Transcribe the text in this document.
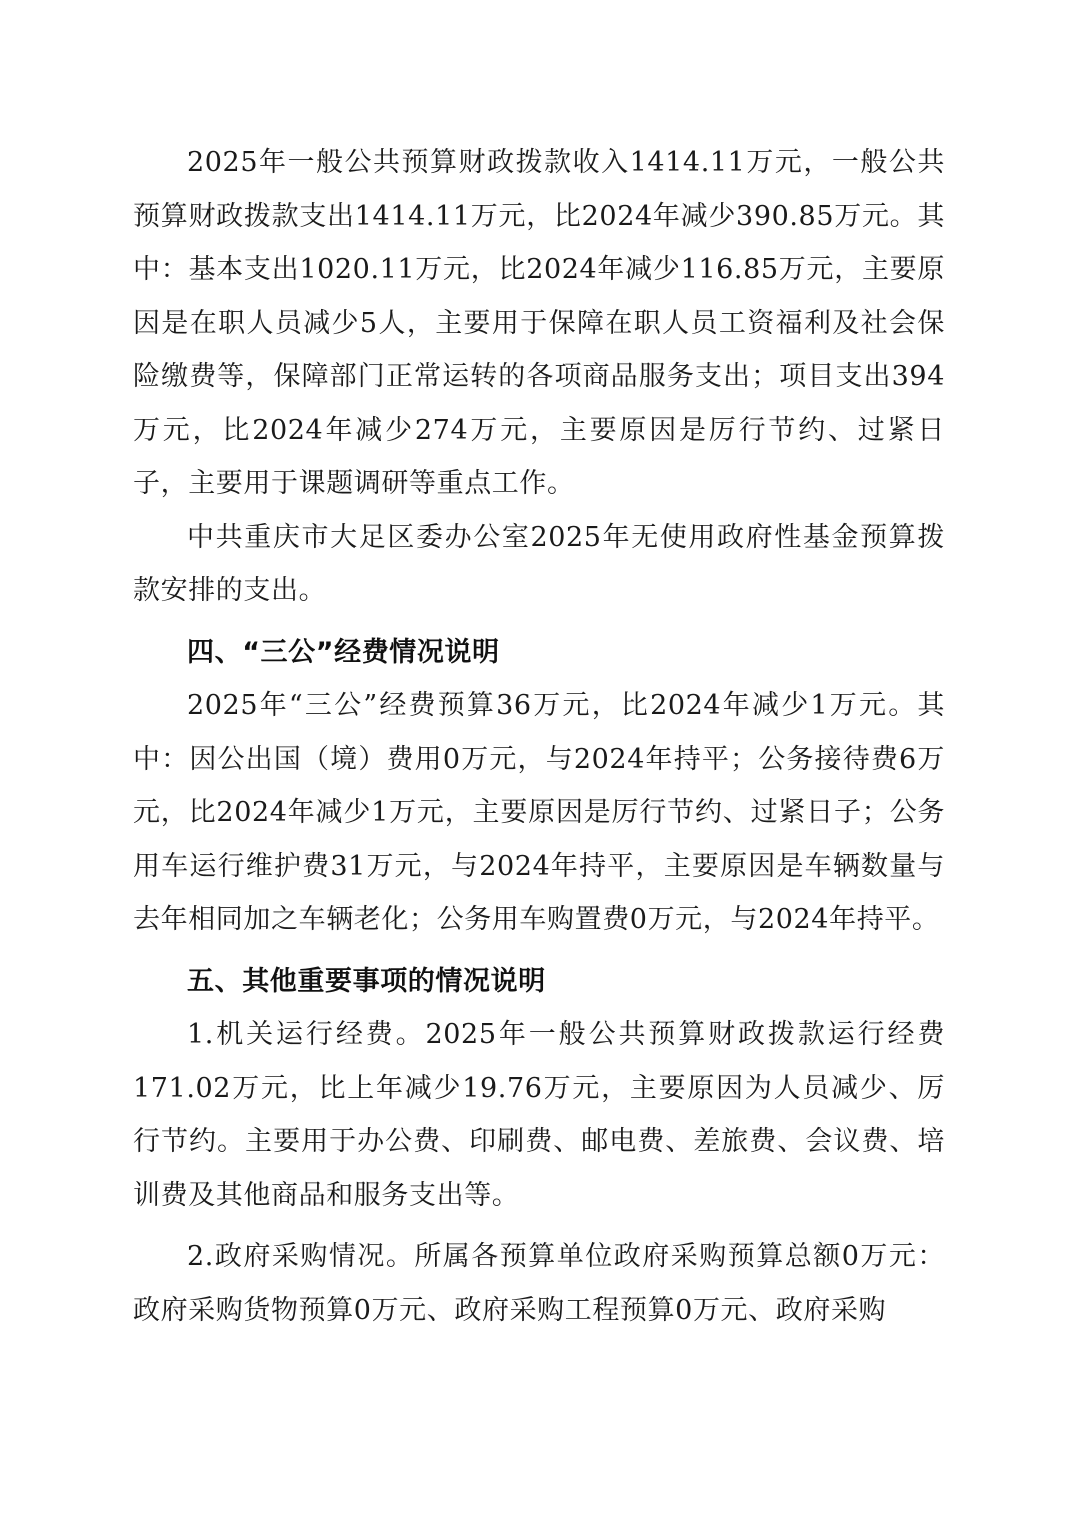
2025年一般公共预算财政拨款收入1414.11万元，一般公共预算财政拨款支出1414.11万元，比2024年减少390.85万元。其中：基本支出1020.11万元，比2024年减少116.85万元，主要原因是在职人员减少5人，主要用于保障在职人员工资福利及社会保险缴费等，保障部门正常运转的各项商品服务支出；项目支出394万元，比2024年减少274万元，主要原因是厉行节约、过紧日子，主要用于课题调研等重点工作。

中共重庆市大足区委办公室2025年无使用政府性基金预算拨款安排的支出。

四、“三公”经费情况说明

2025年“三公”经费预算36万元，比2024年减少1万元。其中：因公出国（境）费用0万元，与2024年持平；公务接待费6万元，比2024年减少1万元，主要原因是厉行节约、过紧日子；公务用车运行维护费31万元，与2024年持平，主要原因是车辆数量与去年相同加之车辆老化；公务用车购置费0万元，与2024年持平。

五、其他重要事项的情况说明

1.机关运行经费。2025年一般公共预算财政拨款运行经费171.02万元，比上年减少19.76万元，主要原因为人员减少、厉行节约。主要用于办公费、印刷费、邮电费、差旅费、会议费、培训费及其他商品和服务支出等。

2.政府采购情况。所属各预算单位政府采购预算总额0万元：政府采购货物预算0万元、政府采购工程预算0万元、政府采购
